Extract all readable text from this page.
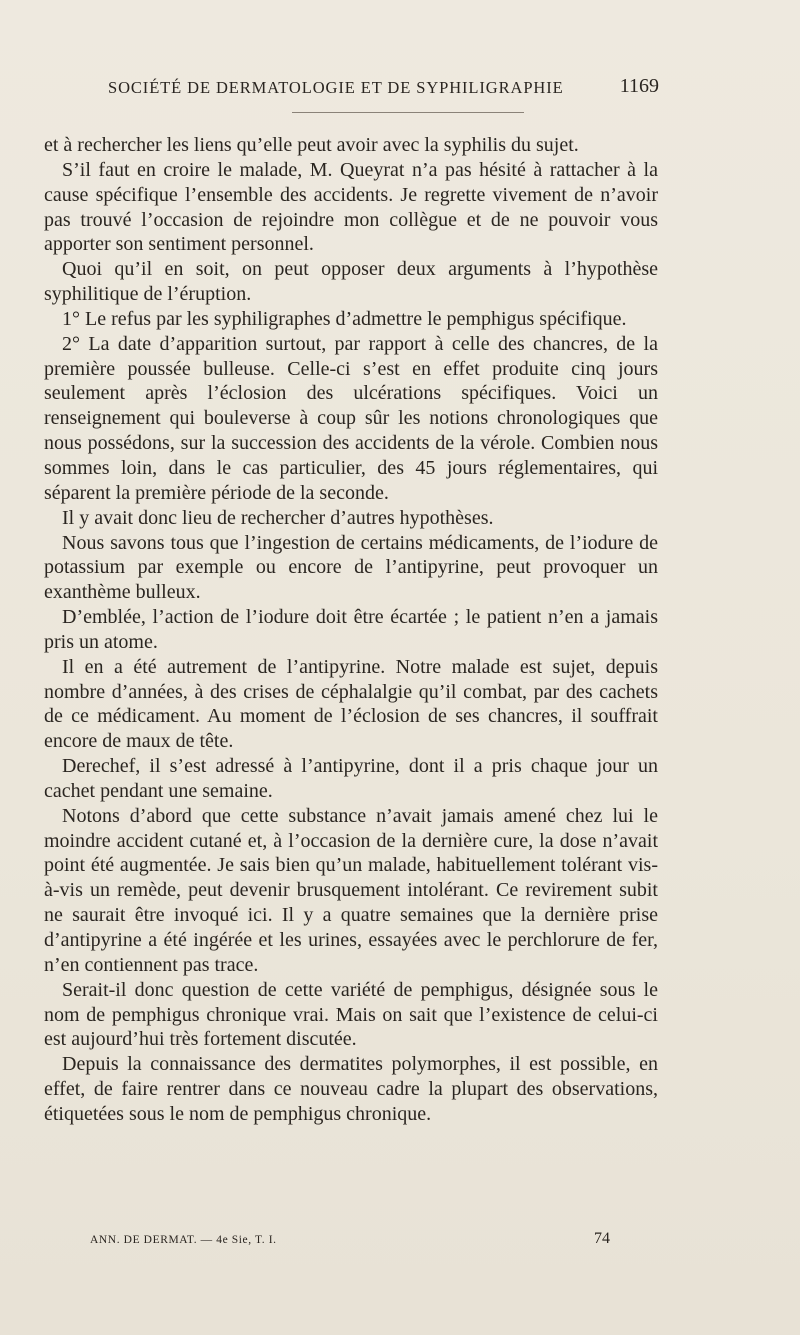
SOCIÉTÉ DE DERMATOLOGIE ET DE SYPHILIGRAPHIE	1169

et à rechercher les liens qu’elle peut avoir avec la syphilis du sujet.

S’il faut en croire le malade, M. Queyrat n’a pas hésité à rattacher à la cause spécifique l’ensemble des accidents. Je regrette vivement de n’avoir pas trouvé l’occasion de rejoindre mon collègue et de ne pouvoir vous apporter son sentiment personnel.

Quoi qu’il en soit, on peut opposer deux arguments à l’hypothèse syphilitique de l’éruption.

1° Le refus par les syphiligraphes d’admettre le pemphigus spécifique.

2° La date d’apparition surtout, par rapport à celle des chancres, de la première poussée bulleuse. Celle-ci s’est en effet produite cinq jours seulement après l’éclosion des ulcérations spécifiques. Voici un renseignement qui bouleverse à coup sûr les notions chronologiques que nous possédons, sur la succession des accidents de la vérole. Combien nous sommes loin, dans le cas particulier, des 45 jours réglementaires, qui séparent la première période de la seconde.

Il y avait donc lieu de rechercher d’autres hypothèses.

Nous savons tous que l’ingestion de certains médicaments, de l’iodure de potassium par exemple ou encore de l’antipyrine, peut provoquer un exanthème bulleux.

D’emblée, l’action de l’iodure doit être écartée ; le patient n’en a jamais pris un atome.

Il en a été autrement de l’antipyrine. Notre malade est sujet, depuis nombre d’années, à des crises de céphalalgie qu’il combat, par des cachets de ce médicament. Au moment de l’éclosion de ses chancres, il souffrait encore de maux de tête.

Derechef, il s’est adressé à l’antipyrine, dont il a pris chaque jour un cachet pendant une semaine.

Notons d’abord que cette substance n’avait jamais amené chez lui le moindre accident cutané et, à l’occasion de la dernière cure, la dose n’avait point été augmentée. Je sais bien qu’un malade, habituellement tolérant vis-à-vis un remède, peut devenir brusquement intolérant. Ce revirement subit ne saurait être invoqué ici. Il y a quatre semaines que la dernière prise d’antipyrine a été ingérée et les urines, essayées avec le perchlorure de fer, n’en contiennent pas trace.

Serait-il donc question de cette variété de pemphigus, désignée sous le nom de pemphigus chronique vrai. Mais on sait que l’existence de celui-ci est aujourd’hui très fortement discutée.

Depuis la connaissance des dermatites polymorphes, il est possible, en effet, de faire rentrer dans ce nouveau cadre la plupart des observations, étiquetées sous le nom de pemphigus chronique.

ANN. DE DERMAT. — 4e Sie, T. I.	74
